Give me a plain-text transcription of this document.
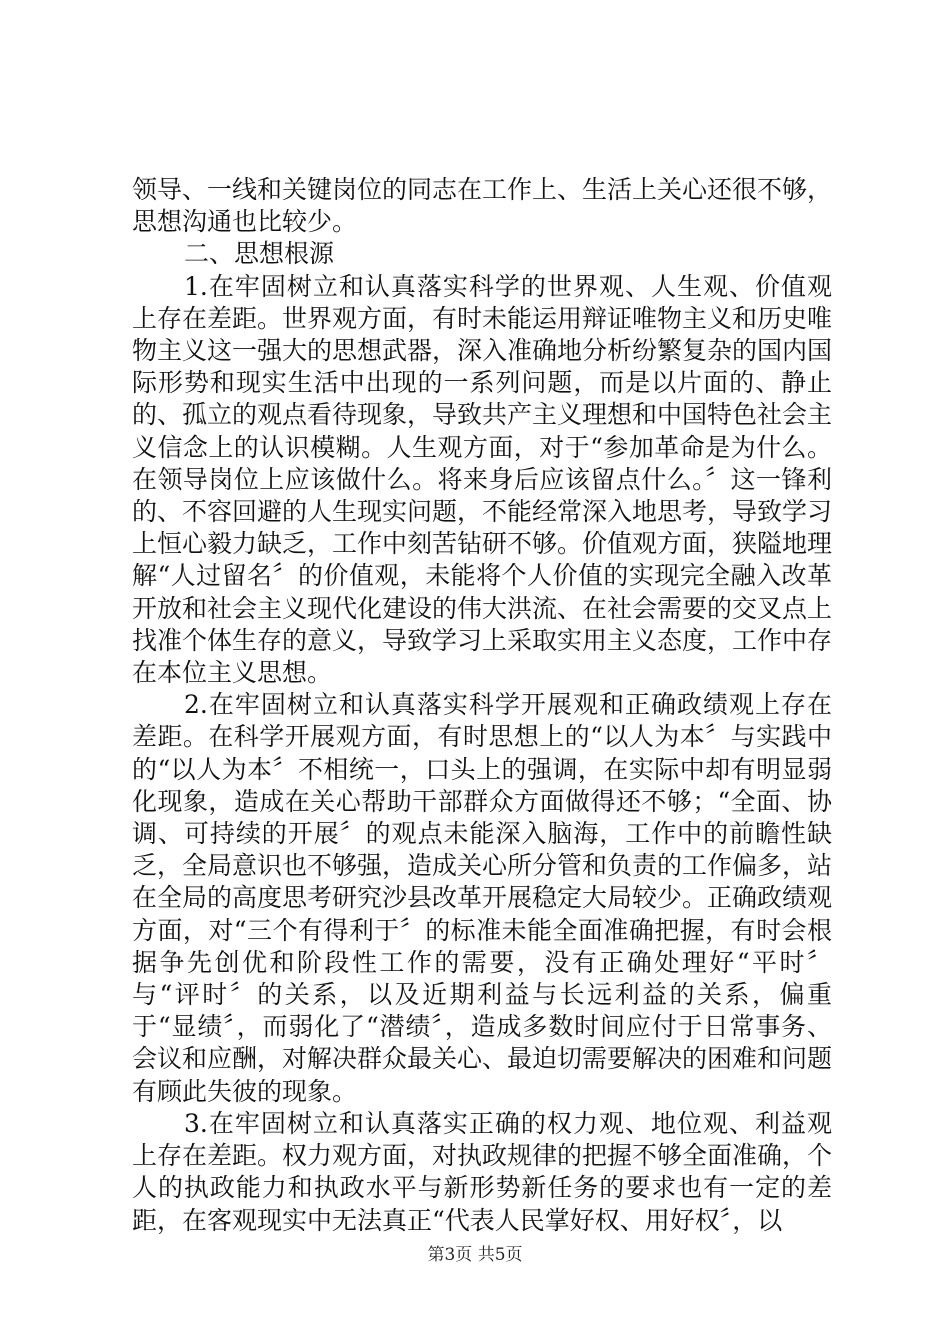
领导、一线和关键岗位的同志在工作上、生活上关心还很不够，思想沟通也比较少。

二、思想根源

1.在牢固树立和认真落实科学的世界观、人生观、价值观上存在差距。世界观方面，有时未能运用辩证唯物主义和历史唯物主义这一强大的思想武器，深入准确地分析纷繁复杂的国内国际形势和现实生活中出现的一系列问题，而是以片面的、静止的、孤立的观点看待现象，导致共产主义理想和中国特色社会主义信念上的认识模糊。人生观方面，对于“参加革命是为什么。在领导岗位上应该做什么。将来身后应该留点什么。〞这一锋利的、不容回避的人生现实问题，不能经常深入地思考，导致学习上恒心毅力缺乏，工作中刻苦钻研不够。价值观方面，狭隘地理解“人过留名〞的价值观，未能将个人价值的实现完全融入改革开放和社会主义现代化建设的伟大洪流、在社会需要的交叉点上找准个体生存的意义，导致学习上采取实用主义态度，工作中存在本位主义思想。

2.在牢固树立和认真落实科学开展观和正确政绩观上存在差距。在科学开展观方面，有时思想上的“以人为本〞与实践中的“以人为本〞不相统一，口头上的强调，在实际中却有明显弱化现象，造成在关心帮助干部群众方面做得还不够；“全面、协调、可持续的开展〞的观点未能深入脑海，工作中的前瞻性缺乏，全局意识也不够强，造成关心所分管和负责的工作偏多，站在全局的高度思考研究沙县改革开展稳定大局较少。正确政绩观方面，对“三个有得利于〞的标准未能全面准确把握，有时会根据争先创优和阶段性工作的需要，没有正确处理好“平时〞与“评时〞的关系，以及近期利益与长远利益的关系，偏重于“显绩〞，而弱化了“潜绩〞，造成多数时间应付于日常事务、会议和应酬，对解决群众最关心、最迫切需要解决的困难和问题有顾此失彼的现象。

3.在牢固树立和认真落实正确的权力观、地位观、利益观上存在差距。权力观方面，对执政规律的把握不够全面准确，个人的执政能力和执政水平与新形势新任务的要求也有一定的差距，在客观现实中无法真正“代表人民掌好权、用好权〞，以

第3页 共5页
